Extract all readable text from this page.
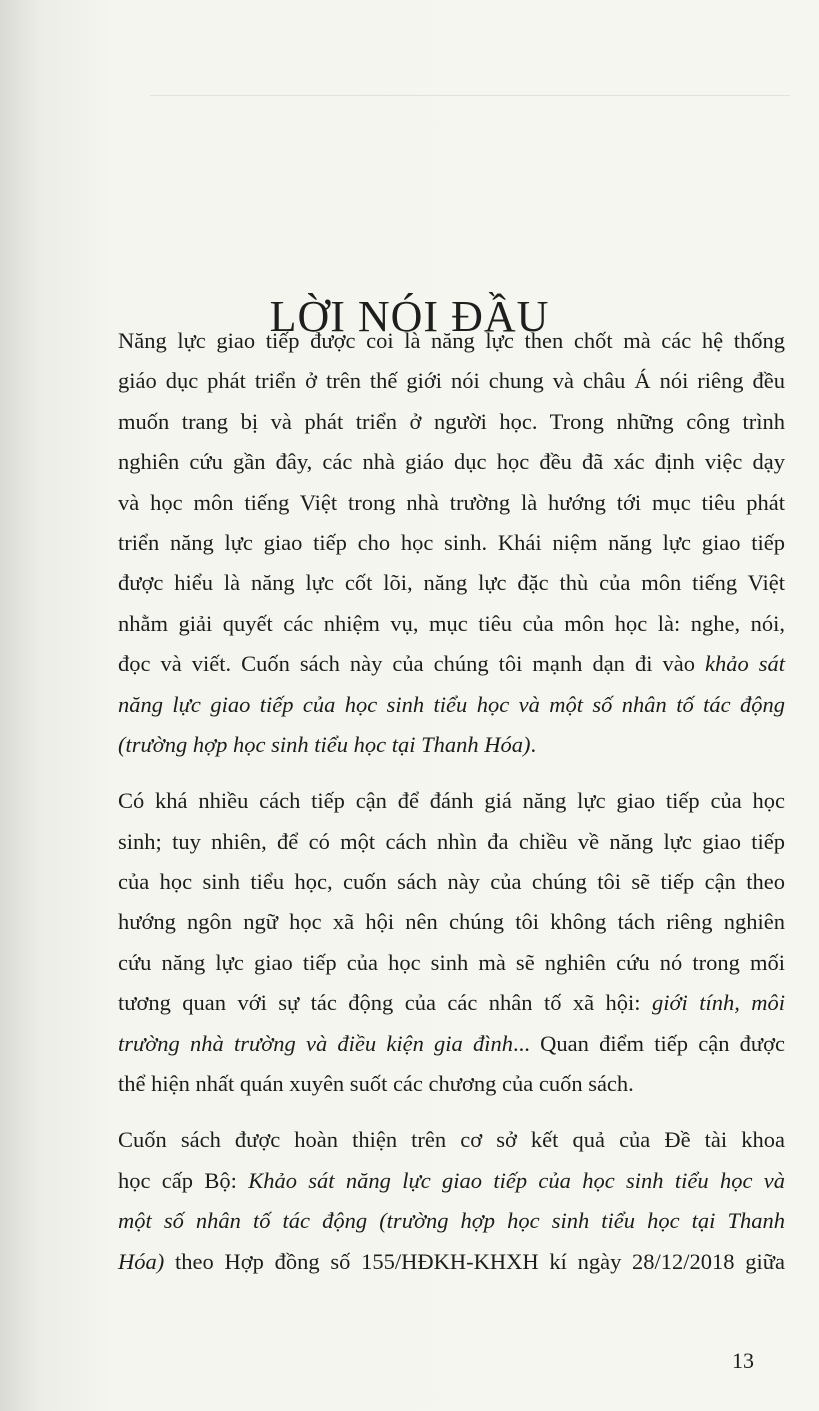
LỜI NÓI ĐẦU
Năng lực giao tiếp được coi là năng lực then chốt mà các hệ thống
giáo dục phát triển ở trên thế giới nói chung và châu Á nói riêng đều
muốn trang bị và phát triển ở người học. Trong những công trình
nghiên cứu gần đây, các nhà giáo dục học đều đã xác định việc dạy
và học môn tiếng Việt trong nhà trường là hướng tới mục tiêu phát
triển năng lực giao tiếp cho học sinh. Khái niệm năng lực giao tiếp
được hiểu là năng lực cốt lõi, năng lực đặc thù của môn tiếng Việt
nhằm giải quyết các nhiệm vụ, mục tiêu của môn học là: nghe, nói,
đọc và viết. Cuốn sách này của chúng tôi mạnh dạn đi vào khảo sát
năng lực giao tiếp của học sinh tiểu học và một số nhân tố tác động
(trường hợp học sinh tiểu học tại Thanh Hóa).
Có khá nhiều cách tiếp cận để đánh giá năng lực giao tiếp của học
sinh; tuy nhiên, để có một cách nhìn đa chiều về năng lực giao tiếp
của học sinh tiểu học, cuốn sách này của chúng tôi sẽ tiếp cận theo
hướng ngôn ngữ học xã hội nên chúng tôi không tách riêng nghiên
cứu năng lực giao tiếp của học sinh mà sẽ nghiên cứu nó trong mối
tương quan với sự tác động của các nhân tố xã hội: giới tính, môi
trường nhà trường và điều kiện gia đình... Quan điểm tiếp cận được
thể hiện nhất quán xuyên suốt các chương của cuốn sách.
Cuốn sách được hoàn thiện trên cơ sở kết quả của Đề tài khoa
học cấp Bộ: Khảo sát năng lực giao tiếp của học sinh tiểu học và
một số nhân tố tác động (trường hợp học sinh tiểu học tại Thanh
Hóa) theo Hợp đồng số 155/HĐKH-KHXH kí ngày 28/12/2018 giữa
13
